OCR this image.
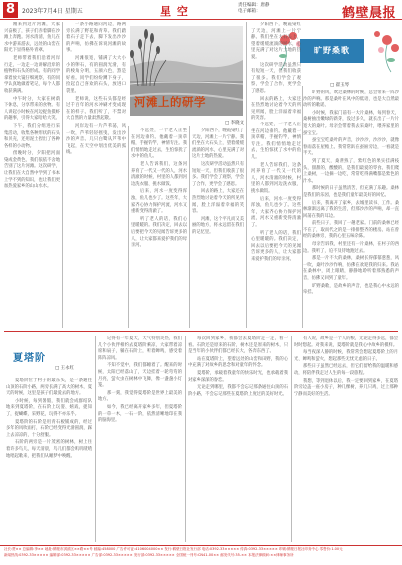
8	2023年7月4日 星期五	星 空	责任编辑：唐静
电子邮箱：	鹤壁晨报

刚来到这片河滩，大家兴奋极了，孩子们赤着脚在沙滩上奔跑。河水清清，鱼儿在水中游来游去，远处的山峦在阳光下显得格外青翠。

老师带着我们沿着河岸行走，一边走一边讲解沿岸的植物和石头的形成。有的同学拿着放大镜仔细观察，有的同学认真地做着笔记，每个人都收获满满。

中午时分，大家在树荫下休息，分享带来的食物。有人讲起小时候在河边捉鱼摸虾的趣事，引得大家哈哈大笑。

下午，我们分组进行采集活动，收集各种形状的石头和贝壳，还用泥土捏出了各种各样的小动物。

傍晚时分，夕阳把河面染成金黄色，我们依依不舍地告别了这片河滩。这次研学，让我们在大自然中学到了书本上学不到的知识，也让我们更加热爱家乡的山山水水。

河滩上的研学
□ 李晓文

一条小路通向河边，路两旁长满了野花和青草。我们踏着石子走下去，脚下发出沙沙的声响，仿佛在诉说河滩的故事。

河滩很宽，铺满了大大小小的卵石，有的圆润光滑，有的棱角分明，五颜六色，煞是好看。同学们纷纷蹲下身子，捡起自己喜欢的石头，放进口袋里。

老师说，这些石头都是经过千百年的河水冲刷才变成现在的样子。我们听了，不禁对大自然的力量肃然起敬。

河岸边有一片芦苇荡，风一吹，芦苇轻轻摇曳，发出沙沙的声音。几只白鹭从芦苇中飞起，在天空中划出优美的弧线。

不远处，一个老人正坐在河边垂钓。他戴着一顶草帽，手握钓竿，神情专注。我们悄悄地走过去，生怕惊扰了水中的鱼儿。

老人告诉我们，这条河养育了一代又一代的人，河水清澈的时候，村里的人都到河边洗衣服、挑水做饭。

后来，河水一度变得浑浊，鱼儿也少了。这些年，大家齐心协力保护河流，河水又重新变得清澈了。

听了老人的话，我们心里暖暖的。我们决定，回去以后要把今天的见闻告诉更多的人，让大家都来爱护我们的母亲河。

夕阳西下，晚霞染红了天边，河滩上一片宁静。我们坐在大石头上，望着缓缓流淌的河水，心里充满了对这片土地的热爱。

这次研学活动虽然只有短短一天，但我们收获了很多。我们学会了观察，学会了合作，更学会了感恩。

回去的路上，大家还在热烈地讨论着今天的所见所闻，脸上洋溢着幸福的笑容。

河滩，这个平凡而又美丽的地方，将永远留在我们的记忆里。

旷野桑歌
□ 翟玉琴

夕阳西下，晚霞染红了天边，河滩上一片宁静。我们坐在大石头上，望着缓缓流淌的河水，心里充满了对这片土地的热爱。

这次研学活动虽然只有短短一天，但我们收获了很多。我们学会了观察，学会了合作，更学会了感恩。

回去的路上，大家还在热烈地讨论着今天的所见所闻，脸上洋溢着幸福的笑容。

旷野的风，吹过桑林的时候，总会带来一阵沙沙的声响。那是桑叶在风中的低语，也是大自然最动听的歌谣。

小时候，我家门前有一大片桑林，每到春天，桑树抽出嫩绿的新芽，没过多久，就长出了一片片宽大的桑叶。母亲会带着我去采桑叶，喂养家里的蚕宝宝。

蚕宝宝吃桑叶的声音，沙沙沙，沙沙沙，就像春雨落在屋檐上。我常常趴在蚕匾旁边，一看就是半天。

到了夏天，桑葚熟了，紫红色的果实挂满枝头，甜甜的，酸酸的，是我们最爱的零食。我们爬上桑树，一边摘一边吃，常常吃得满嘴都是紫色的汁水。

那时候的日子虽然清苦，但充满了乐趣。桑林是我们的乐园，也是我们童年最美好的回忆。

后来，我离开了家乡，去城里读书、工作。桑林渐渐远离了我的生活，但那沙沙的声响，却一直回荡在我的耳边。

前些日子，我回了一趟老家。门前的桑林已经不在了，取而代之的是一排排整齐的楼房。站在曾经的桑林旁，我的心里五味杂陈。

母亲告诉我，村里还有一片桑林，在村子的西边。我听了，迫不及待地跑过去。

那是一片不大的桑林，桑树长得郁郁葱葱，风一吹，桑叶沙沙作响，仿佛在欢迎我的归来。我站在桑林中，闭上眼睛，静静地聆听着那熟悉的声音，仿佛又回到了童年。

旷野桑歌，是故乡的声音，也是我心中永远的牵挂。

不远处，一个老人正坐在河边垂钓。他戴着一顶草帽，手握钓竿，神情专注。我们悄悄地走过去，生怕惊扰了水中的鱼儿。

老人告诉我们，这条河养育了一代又一代的人，河水清澈的时候，村里的人都到河边洗衣服、挑水做饭。

后来，河水一度变得浑浊，鱼儿也少了。这些年，大家齐心协力保护河流，河水又重新变得清澈了。

听了老人的话，我们心里暖暖的。我们决定，回去以后要把今天的见闻告诉更多的人，让大家都来爱护我们的母亲河。

夏塔阶
□ 王永红

夏塔阶位于村子的最东头，是一条通往山顶的石阶小路，两旁长满了高大的树木，夏天的时候，这里是孩子们最爱去的地方。

小时候，每到暑假，我们就会成群结队地来到夏塔阶，在石阶上玩耍、嬉戏，捉知了，捉蝴蝶，采野花，玩得不亦乐乎。

夏塔阶的石阶是用青石板铺成的，经过多年的风吹雨打，石阶已经变得光滑圆润，踩上去凉凉的，十分舒服。

石阶的两旁是一片茂密的树林，树上住着许多鸟儿，每天清晨，鸟儿们都会叽叽喳喳地唱起歌来，把我们从睡梦中唤醒。

记得有一年夏天，天气特别炎热，我们几个小伙伴相约去夏塔阶乘凉，大家带着凉席和扇子，躺在石阶上，听着蝉鸣，感受着阵阵凉风。

不知不觉中，我们都睡着了。醒来的时候，太阳已经落山了，天边挂着一轮弯弯的月亮，萤火虫在树林中飞舞，像一盏盏小灯笼。

那一刻，我觉得夏塔阶是世界上最美的地方。

如今，我已经离开家乡多年，但夏塔阶的一草一木，一石一阶，依然清晰地印在我的脑海里。

每次回到家乡，我都会去夏塔阶走一走，看一看。石阶还是原来的石阶，树木还是原来的树木，只是当年的小伙伴们都已经长大，各奔东西了。

站在夏塔阶上，望着远处的山峦和田野，我的心中充满了对故乡的思念和对童年的怀念。

夏塔阶，承载着我童年的快乐时光，也承载着我对家乡深深的眷恋。

无论走到哪里，我都不会忘记那条通往山顶的石阶小路，不会忘记那些在夏塔阶上度过的美好时光。

有人说，故乡是一个人的根，无论走得多远，都会时时想起。对我来说，夏塔阶就是我心中故乡的模样。

每当夜深人静的时候，我常常会想起夏塔阶上的月光、蝉鸣和萤火，想起那些无忧无虑的日子。

那些日子虽然已经远去，但它们留给我的温暖和感动，将陪伴我走过人生的每一段旅程。

我想，等到退休以后，我一定要回到家乡，在夏塔阶旁边盖一座小房子，种几棵树，养几只鸡，过上那种宁静而美好的生活。

社长:贾×× 总编辑:李×× 地址:鹤壁市淇滨区××路××号 邮编:458000 广告许可证:4106004000×× 发行:鹤壁日报社发行部 电话:0392-33××××× 传真:0392-33××××× 印刷:鹤壁日报社印务中心 零售价:1.00元
新闻热线:0392-33××××× 编辑部:0392-33××××× 广告部:0392-33××××× 发行部:0392-33××××× 全国统一刊号:CN41-00×× 邮发代号:35-×× 本报法律顾问:××律师事务所
